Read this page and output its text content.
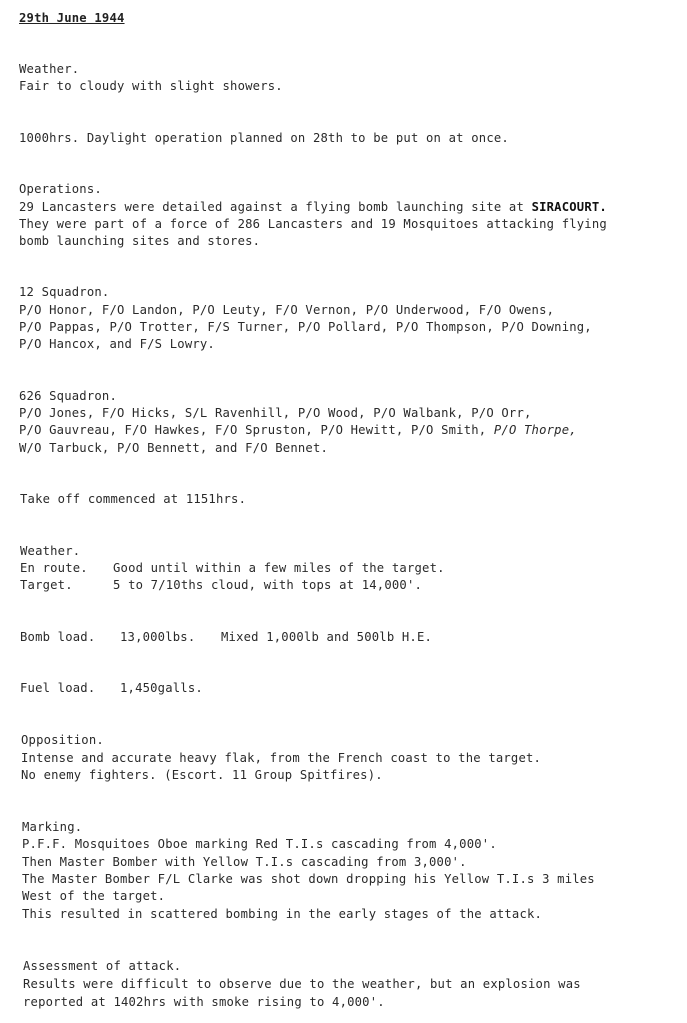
29th June 1944
Weather.
Fair to cloudy with slight showers.
1000hrs. Daylight operation planned on 28th to be put on at once.
Operations.
29 Lancasters were detailed against a flying bomb launching site at SIRACOURT.
They were part of a force of 286 Lancasters and 19 Mosquitoes attacking flying
bomb launching sites and stores.
12 Squadron.
P/O Honor, F/O Landon, P/O Leuty, F/O Vernon, P/O Underwood, F/O Owens,
P/O Pappas, P/O Trotter, F/S Turner, P/O Pollard, P/O Thompson, P/O Downing,
P/O Hancox, and F/S Lowry.
626 Squadron.
P/O Jones, F/O Hicks, S/L Ravenhill, P/O Wood, P/O Walbank, P/O Orr,
P/O Gauvreau, F/O Hawkes, F/O Spruston, P/O Hewitt, P/O Smith, P/O Thorpe,
W/O Tarbuck, P/O Bennett, and F/O Bennet.
Take off commenced at 1151hrs.
Weather.
En route. Good until within a few miles of the target.
Target.	5 to 7/10ths cloud, with tops at 14,000'.
Bomb load. 13,000lbs. Mixed 1,000lb and 500lb H.E.
Fuel load. 1,450galls.
Opposition.
Intense and accurate heavy flak, from the French coast to the target.
No enemy fighters. (Escort. 11 Group Spitfires).
Marking.
P.F.F. Mosquitoes Oboe marking Red T.I.s cascading from 4,000'.
Then Master Bomber with Yellow T.I.s cascading from 3,000'.
The Master Bomber F/L Clarke was shot down dropping his Yellow T.I.s 3 miles
West of the target.
This resulted in scattered bombing in the early stages of the attack.
Assessment of attack.
Results were difficult to observe due to the weather, but an explosion was
reported at 1402hrs with smoke rising to 4,000'.
